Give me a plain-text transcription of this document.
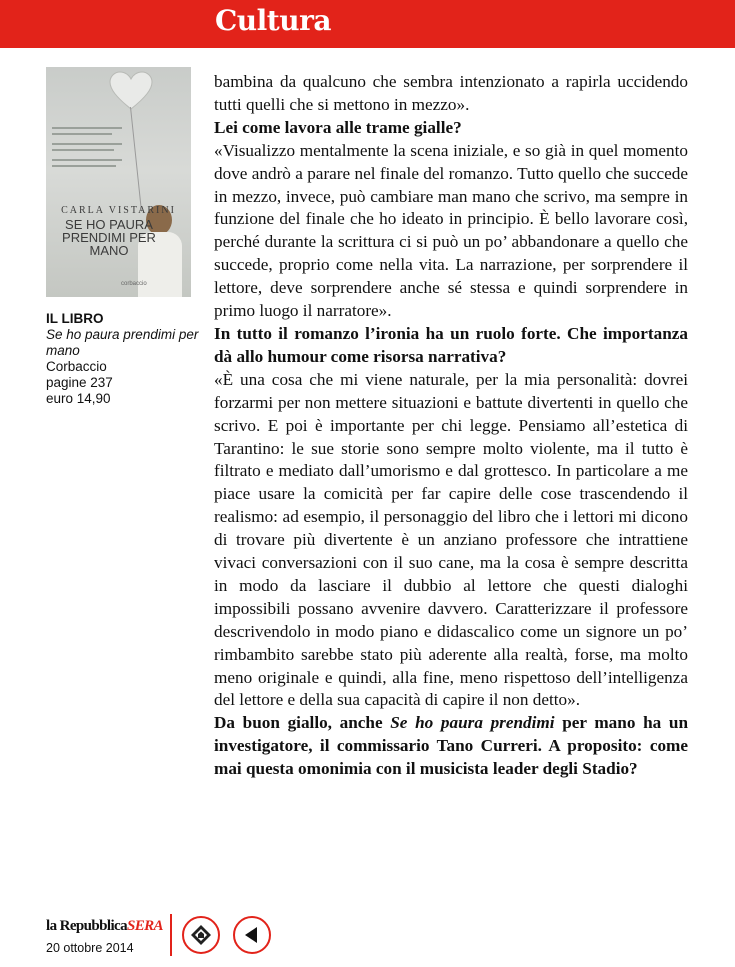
Cultura
CARLA VISTARINI
SE HO PAURA PRENDIMI PER MANO
corbaccio
IL LIBRO
Se ho paura prendimi per mano
Corbaccio
pagine 237
euro 14,90

bambina da qualcuno che sembra intenzionato a rapirla uccidendo tutti quelli che si mettono in mezzo».

Lei come lavora alle trame gialle?

«Visualizzo mentalmente la scena iniziale, e so già in quel momento dove andrò a parare nel finale del romanzo. Tutto quello che succede in mezzo, invece, può cambiare man mano che scrivo, ma sempre in funzione del finale che ho ideato in principio. È bello lavorare così, perché durante la scrittura ci si può un po’ abbandonare a quello che succede, proprio come nella vita. La narrazione, per sorprendere il lettore, deve sorprendere anche sé stessa e quindi sorprendere in primo luogo il narratore».

In tutto il romanzo l’ironia ha un ruolo forte. Che importanza dà allo humour come risorsa narrativa?

«È una cosa che mi viene naturale, per la mia personalità: dovrei forzarmi per non mettere situazioni e battute divertenti in quello che scrivo. E poi è importante per chi legge. Pensiamo all’estetica di Tarantino: le sue storie sono sempre molto violente, ma il tutto è filtrato e mediato dall’umorismo e dal grottesco. In particolare a me piace usare la comicità per far capire delle cose trascendendo il realismo: ad esempio, il personaggio del libro che i lettori mi dicono di trovare più divertente è un anziano professore che intrattiene vivaci conversazioni con il suo cane, ma la cosa è sempre descritta in modo da lasciare il dubbio al lettore che questi dialoghi impossibili possano avvenire davvero. Caratterizzare il professore descrivendolo in modo piano e didascalico come un signore un po’ rimbambito sarebbe stato più aderente alla realtà, forse, ma molto meno originale e quindi, alla fine, meno rispettoso dell’intelligenza del lettore e della sua capacità di capire il non detto».

Da buon giallo, anche Se ho paura prendimi per mano ha un investigatore, il commissario Tano Curreri. A proposito: come mai questa omonimia con il musicista leader degli Stadio?

la RepubblicaSERA
20 ottobre 2014
